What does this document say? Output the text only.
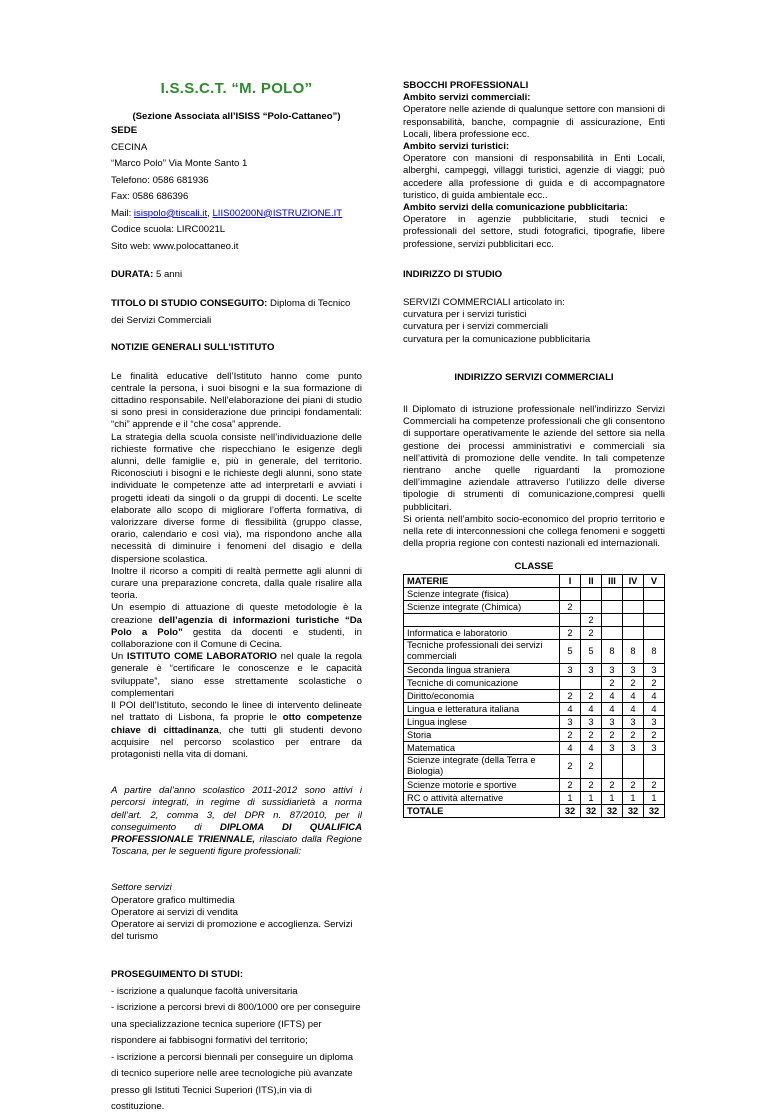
I.S.S.C.T. “M. POLO”

(Sezione Associata all’ISISS “Polo-Cattaneo”)

SEDE
CECINA
“Marco Polo” Via Monte Santo 1
Telefono: 0586 681936
Fax: 0586 686396
Mail: isispolo@tiscali.it, LIIS00200N@ISTRUZIONE.IT
Codice scuola: LIRC0021L
Sito web: www.polocattaneo.it

DURATA: 5 anni

TITOLO DI STUDIO CONSEGUITO: Diploma di Tecnico dei Servizi Commerciali

NOTIZIE GENERALI SULL’ISTITUTO

Le finalità educative dell’Istituto hanno come punto centrale la persona, i suoi bisogni e la sua formazione di cittadino responsabile. Nell’elaborazione dei piani di studio si sono presi in considerazione due principi fondamentali: “chi” apprende e il “che cosa” apprende.

La strategia della scuola consiste nell’individuazione delle richieste formative che rispecchiano le esigenze degli alunni, delle famiglie e, più in generale, del territorio. Riconosciuti i bisogni e le richieste degli alunni, sono state individuate le competenze atte ad interpretarli e avviati i progetti ideati da singoli o da gruppi di docenti. Le scelte elaborate allo scopo di migliorare l’offerta formativa, di valorizzare diverse forme di flessibilità (gruppo classe, orario, calendario e così via), ma rispondono anche alla necessità di diminuire i fenomeni del disagio e della dispersione scolastica.

Inoltre il ricorso a compiti di realtà permette agli alunni di curare una preparazione concreta, dalla quale risalire alla teoria.

Un esempio di attuazione di queste metodologie è la creazione dell’agenzia di informazioni turistiche “Da Polo a Polo” gestita da docenti e studenti, in collaborazione con il Comune di Cecina.

Un ISTITUTO COME LABORATORIO nel quale la regola generale è “certificare le conoscenze e le capacità sviluppate”, siano esse strettamente scolastiche o complementari

Il POI dell’Istituto, secondo le linee di intervento delineate nel trattato di Lisbona, fa proprie le otto competenze chiave di cittadinanza, che tutti gli studenti devono acquisire nel percorso scolastico per entrare da protagonisti nella vita di domani.

A partire dal’anno scolastico 2011-2012 sono attivi i percorsi integrati, in regime di sussidiarietà a norma dell’art. 2, comma 3, del DPR n. 87/2010, per il conseguimento di DIPLOMA DI QUALIFICA PROFESSIONALE TRIENNALE, rilasciato dalla Regione Toscana, per le seguenti figure professionali:

Settore servizi

Operatore grafico multimedia

Operatore ai servizi di vendita

Operatore ai servizi di promozione e accoglienza. Servizi del turismo

PROSEGUIMENTO DI STUDI:

- iscrizione a qualunque facoltà universitaria

- iscrizione a percorsi brevi di 800/1000 ore per conseguire una specializzazione tecnica superiore (IFTS) per rispondere ai fabbisogni formativi del territorio;

- iscrizione a percorsi biennali per conseguire un diploma di tecnico superiore nelle aree tecnologiche più avanzate presso gli Istituti Tecnici Superiori (ITS),in via di costituzione.

SBOCCHI PROFESSIONALI

Ambito servizi commerciali:

Operatore nelle aziende di qualunque settore con mansioni di responsabilità, banche, compagnie di assicurazione, Enti Locali, libera professione ecc.

Ambito servizi turistici:

Operatore con mansioni di responsabilità in Enti Locali, alberghi, campeggi, villaggi turistici, agenzie di viaggi; può accedere alla professione di guida e di accompagnatore turistico, di guida ambientale ecc..

Ambito servizi della comunicazione pubblicitaria:

Operatore in agenzie pubblicitarie, studi tecnici e professionali del settore, studi fotografici, tipografie, libere professione, servizi pubblicitari ecc.

INDIRIZZO DI STUDIO

SERVIZI COMMERCIALI articolato in:

curvatura per i servizi turistici

curvatura per i servizi commerciali

curvatura per la comunicazione pubblicitaria

INDIRIZZO SERVIZI COMMERCIALI

Il Diplomato di istruzione professionale nell’indirizzo Servizi Commerciali ha competenze professionali che gli consentono di supportare operativamente le aziende del settore sia nella gestione dei processi amministrativi e commerciali sia nell’attività di promozione delle vendite. In tali competenze rientrano anche quelle riguardanti la promozione dell’immagine aziendale attraverso l’utilizzo delle diverse tipologie di strumenti di comunicazione,compresi quelli pubblicitari.

Si orienta nell’ambito socio-economico del proprio territorio e nella rete di interconnessioni che collega fenomeni e soggetti della propria regione con contesti nazionali ed internazionali.

CLASSE

MATERIE	I	II	III	IV	V
Scienze integrate (fisica)					
Scienze integrate (Chimica)	2				
		2			
Informatica e laboratorio	2	2			
Tecniche professionali dei servizi commerciali	5	5	8	8	8
Seconda lingua straniera	3	3	3	3	3
Tecniche di comunicazione			2	2	2
Diritto/economia	2	2	4	4	4
Lingua e letteratura italiana	4	4	4	4	4
Lingua inglese	3	3	3	3	3
Storia	2	2	2	2	2
Matematica	4	4	3	3	3
Scienze integrate (della Terra e Biologia)	2	2			
Scienze motorie e sportive	2	2	2	2	2
RC o attività alternative	1	1	1	1	1
TOTALE	32	32	32	32	32
